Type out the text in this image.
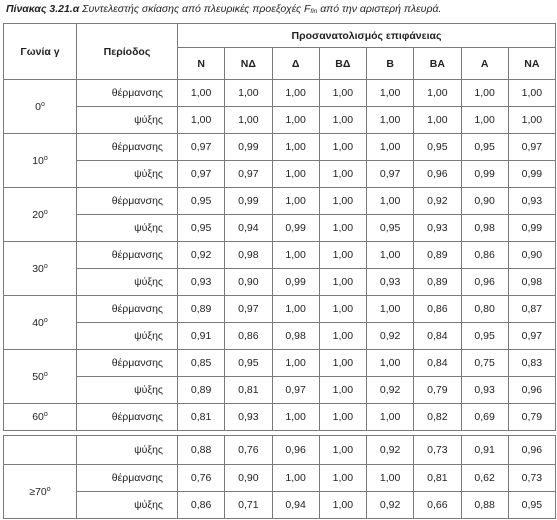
Πίνακας 3.21.α Συντελεστής σκίασης από πλευρικές προεξοχές Ffin από την αριστερή πλευρά.
Γωνία γ	Περίοδος	Προσανατολισμός επιφάνειας							
		Ν	ΝΔ	Δ	ΒΔ	Β	ΒΑ	Α	ΝΑ
0$^o$	θέρμανσης	1,00	1,00	1,00	1,00	1,00	1,00	1,00	1,00
	ψύξης	1,00	1,00	1,00	1,00	1,00	1,00	1,00	1,00
10$^o$	θέρμανσης	0,97	0,99	1,00	1,00	1,00	0,95	0,95	0,97
	ψύξης	0,97	0,97	1,00	1,00	0,97	0,96	0,99	0,99
20$^o$	θέρμανσης	0,95	0,99	1,00	1,00	1,00	0,92	0,90	0,93
	ψύξης	0,95	0,94	0,99	1,00	0,95	0,93	0,98	0,99
30$^o$	θέρμανσης	0,92	0,98	1,00	1,00	1,00	0,89	0,86	0,90
	ψύξης	0,93	0,90	0,99	1,00	0,93	0,89	0,96	0,98
40$^o$	θέρμανσης	0,89	0,97	1,00	1,00	1,00	0,86	0,80	0,87
	ψύξης	0,91	0,86	0,98	1,00	0,92	0,84	0,95	0,97
50$^o$	θέρμανσης	0,85	0,95	1,00	1,00	1,00	0,84	0,75	0,83
	ψύξης	0,89	0,81	0,97	1,00	0,92	0,79	0,93	0,96
60$^o$	θέρμανσης	0,81	0,93	1,00	1,00	1,00	0,82	0,69	0,79
	ψύξης	0,88	0,76	0,96	1,00	0,92	0,73	0,91	0,96
$\ge 70^o$	θέρμανσης	0,76	0,90	1,00	1,00	1,00	0,81	0,62	0,73
	ψύξης	0,86	0,71	0,94	1,00	0,92	0,66	0,88	0,95
